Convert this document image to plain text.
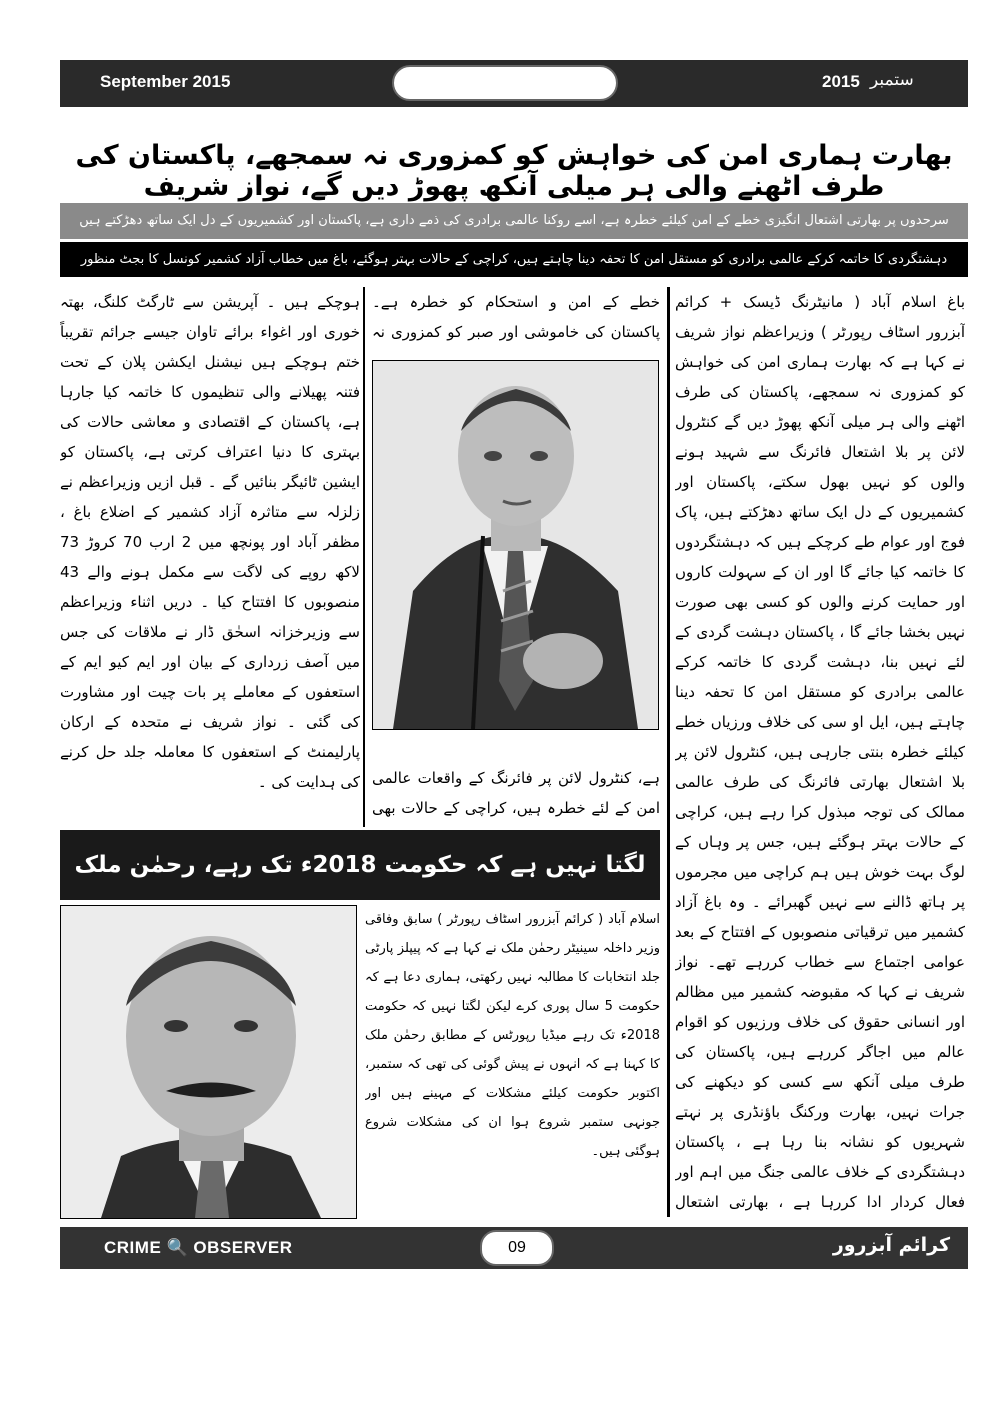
September 2015	2015 ستمبر
بھارت ہماری امن کی خواہش کو کمزوری نہ سمجھے، پاکستان کی طرف اٹھنے والی ہر میلی آنکھ پھوڑ دیں گے، نواز شریف
سرحدوں پر بھارتی اشتعال انگیزی خطے کے امن کیلئے خطرہ ہے، اسے روکنا عالمی برادری کی ذمے داری ہے، پاکستان اور کشمیریوں کے دل ایک ساتھ دھڑکتے ہیں
دہشتگردی کا خاتمہ کرکے عالمی برادری کو مستقل امن کا تحفہ دینا چاہتے ہیں، کراچی کے حالات بہتر ہوگئے، باغ میں خطاب آزاد کشمیر کونسل کا بجٹ منظور
باغ اسلام آباد ( مانیٹرنگ ڈیسک + کرائم آبزرور اسٹاف رپورٹر ) وزیراعظم نواز شریف نے کہا ہے کہ بھارت ہماری امن کی خواہش کو کمزوری نہ سمجھے، پاکستان کی طرف اٹھنے والی ہر میلی آنکھ پھوڑ دیں گے کنٹرول لائن پر بلا اشتعال فائرنگ سے شہید ہونے والوں کو نہیں بھول سکتے، پاکستان اور کشمیریوں کے دل ایک ساتھ دھڑکتے ہیں، پاک فوج اور عوام طے کرچکے ہیں کہ دہشتگردوں کا خاتمہ کیا جائے گا اور ان کے سہولت کاروں اور حمایت کرنے والوں کو کسی بھی صورت نہیں بخشا جائے گا ، پاکستان دہشت گردی کے لئے نہیں بنا، دہشت گردی کا خاتمہ کرکے عالمی برادری کو مستقل امن کا تحفہ دینا چاہتے ہیں، ایل او سی کی خلاف ورزیاں خطے کیلئے خطرہ بنتی جارہی ہیں، کنٹرول لائن پر بلا اشتعال بھارتی فائرنگ کی طرف عالمی ممالک کی توجہ مبذول کرا رہے ہیں، کراچی کے حالات بہتر ہوگئے ہیں، جس پر وہاں کے لوگ بہت خوش ہیں ہم کراچی میں مجرموں پر ہاتھ ڈالنے سے نہیں گھبرائے ۔ وہ باغ آزاد کشمیر میں ترقیاتی منصوبوں کے افتتاح کے بعد عوامی اجتماع سے خطاب کررہے تھے۔ نواز شریف نے کہا کہ مقبوضہ کشمیر میں مظالم اور انسانی حقوق کی خلاف ورزیوں کو اقوام عالم میں اجاگر کررہے ہیں، پاکستان کی طرف میلی آنکھ سے کسی کو دیکھنے کی جرات نہیں، بھارت ورکنگ باؤنڈری پر نہتے شہریوں کو نشانہ بنا رہا ہے ، پاکستان دہشتگردی کے خلاف عالمی جنگ میں اہم اور فعال کردار ادا کررہا ہے ، بھارتی اشتعال
خطے کے امن و استحکام کو خطرہ ہے۔ پاکستان کی خاموشی اور صبر کو کمزوری نہ
ہے، کنٹرول لائن پر فائرنگ کے واقعات عالمی امن کے لئے خطرہ ہیں، کراچی کے حالات بھی
ہوچکے ہیں ۔ آپریشن سے ٹارگٹ کلنگ، بھتہ خوری اور اغواء برائے تاوان جیسے جرائم تقریباً ختم ہوچکے ہیں نیشنل ایکشن پلان کے تحت فتنہ پھیلانے والی تنظیموں کا خاتمہ کیا جارہا ہے، پاکستان کے اقتصادی و معاشی حالات کی بہتری کا دنیا اعتراف کرتی ہے، پاکستان کو ایشین ٹائیگر بنائیں گے ۔ قبل ازیں وزیراعظم نے زلزلہ سے متاثرہ آزاد کشمیر کے اضلاع باغ ، مظفر آباد اور پونچھ میں 2 ارب 70 کروڑ 73 لاکھ روپے کی لاگت سے مکمل ہونے والے 43 منصوبوں کا افتتاح کیا ۔ دریں اثناء وزیراعظم سے وزیرخزانہ اسحٰق ڈار نے ملاقات کی جس میں آصف زرداری کے بیان اور ایم کیو ایم کے استعفوں کے معاملے پر بات چیت اور مشاورت کی گئی ۔ نواز شریف نے متحدہ کے ارکان پارلیمنٹ کے استعفوں کا معاملہ جلد حل کرنے کی ہدایت کی ۔
لگتا نہیں ہے کہ حکومت 2018ء تک رہے، رحمٰن ملک
اسلام آباد ( کرائم آبزرور اسٹاف رپورٹر ) سابق وفاقی وزیر داخلہ سینیٹر رحمٰن ملک نے کہا ہے کہ پیپلز پارٹی جلد انتخابات کا مطالبہ نہیں رکھتی، ہماری دعا ہے کہ حکومت 5 سال پوری کرے لیکن لگتا نہیں کہ حکومت 2018ء تک رہے میڈیا رپورٹس کے مطابق رحمٰن ملک کا کہنا ہے کہ انہوں نے پیش گوئی کی تھی کہ ستمبر، اکتوبر حکومت کیلئے مشکلات کے مہینے ہیں اور جونہی ستمبر شروع ہوا ان کی مشکلات شروع ہوگئی ہیں۔
CRIME 🔍 OBSERVER	09	کرائم آبزرور
